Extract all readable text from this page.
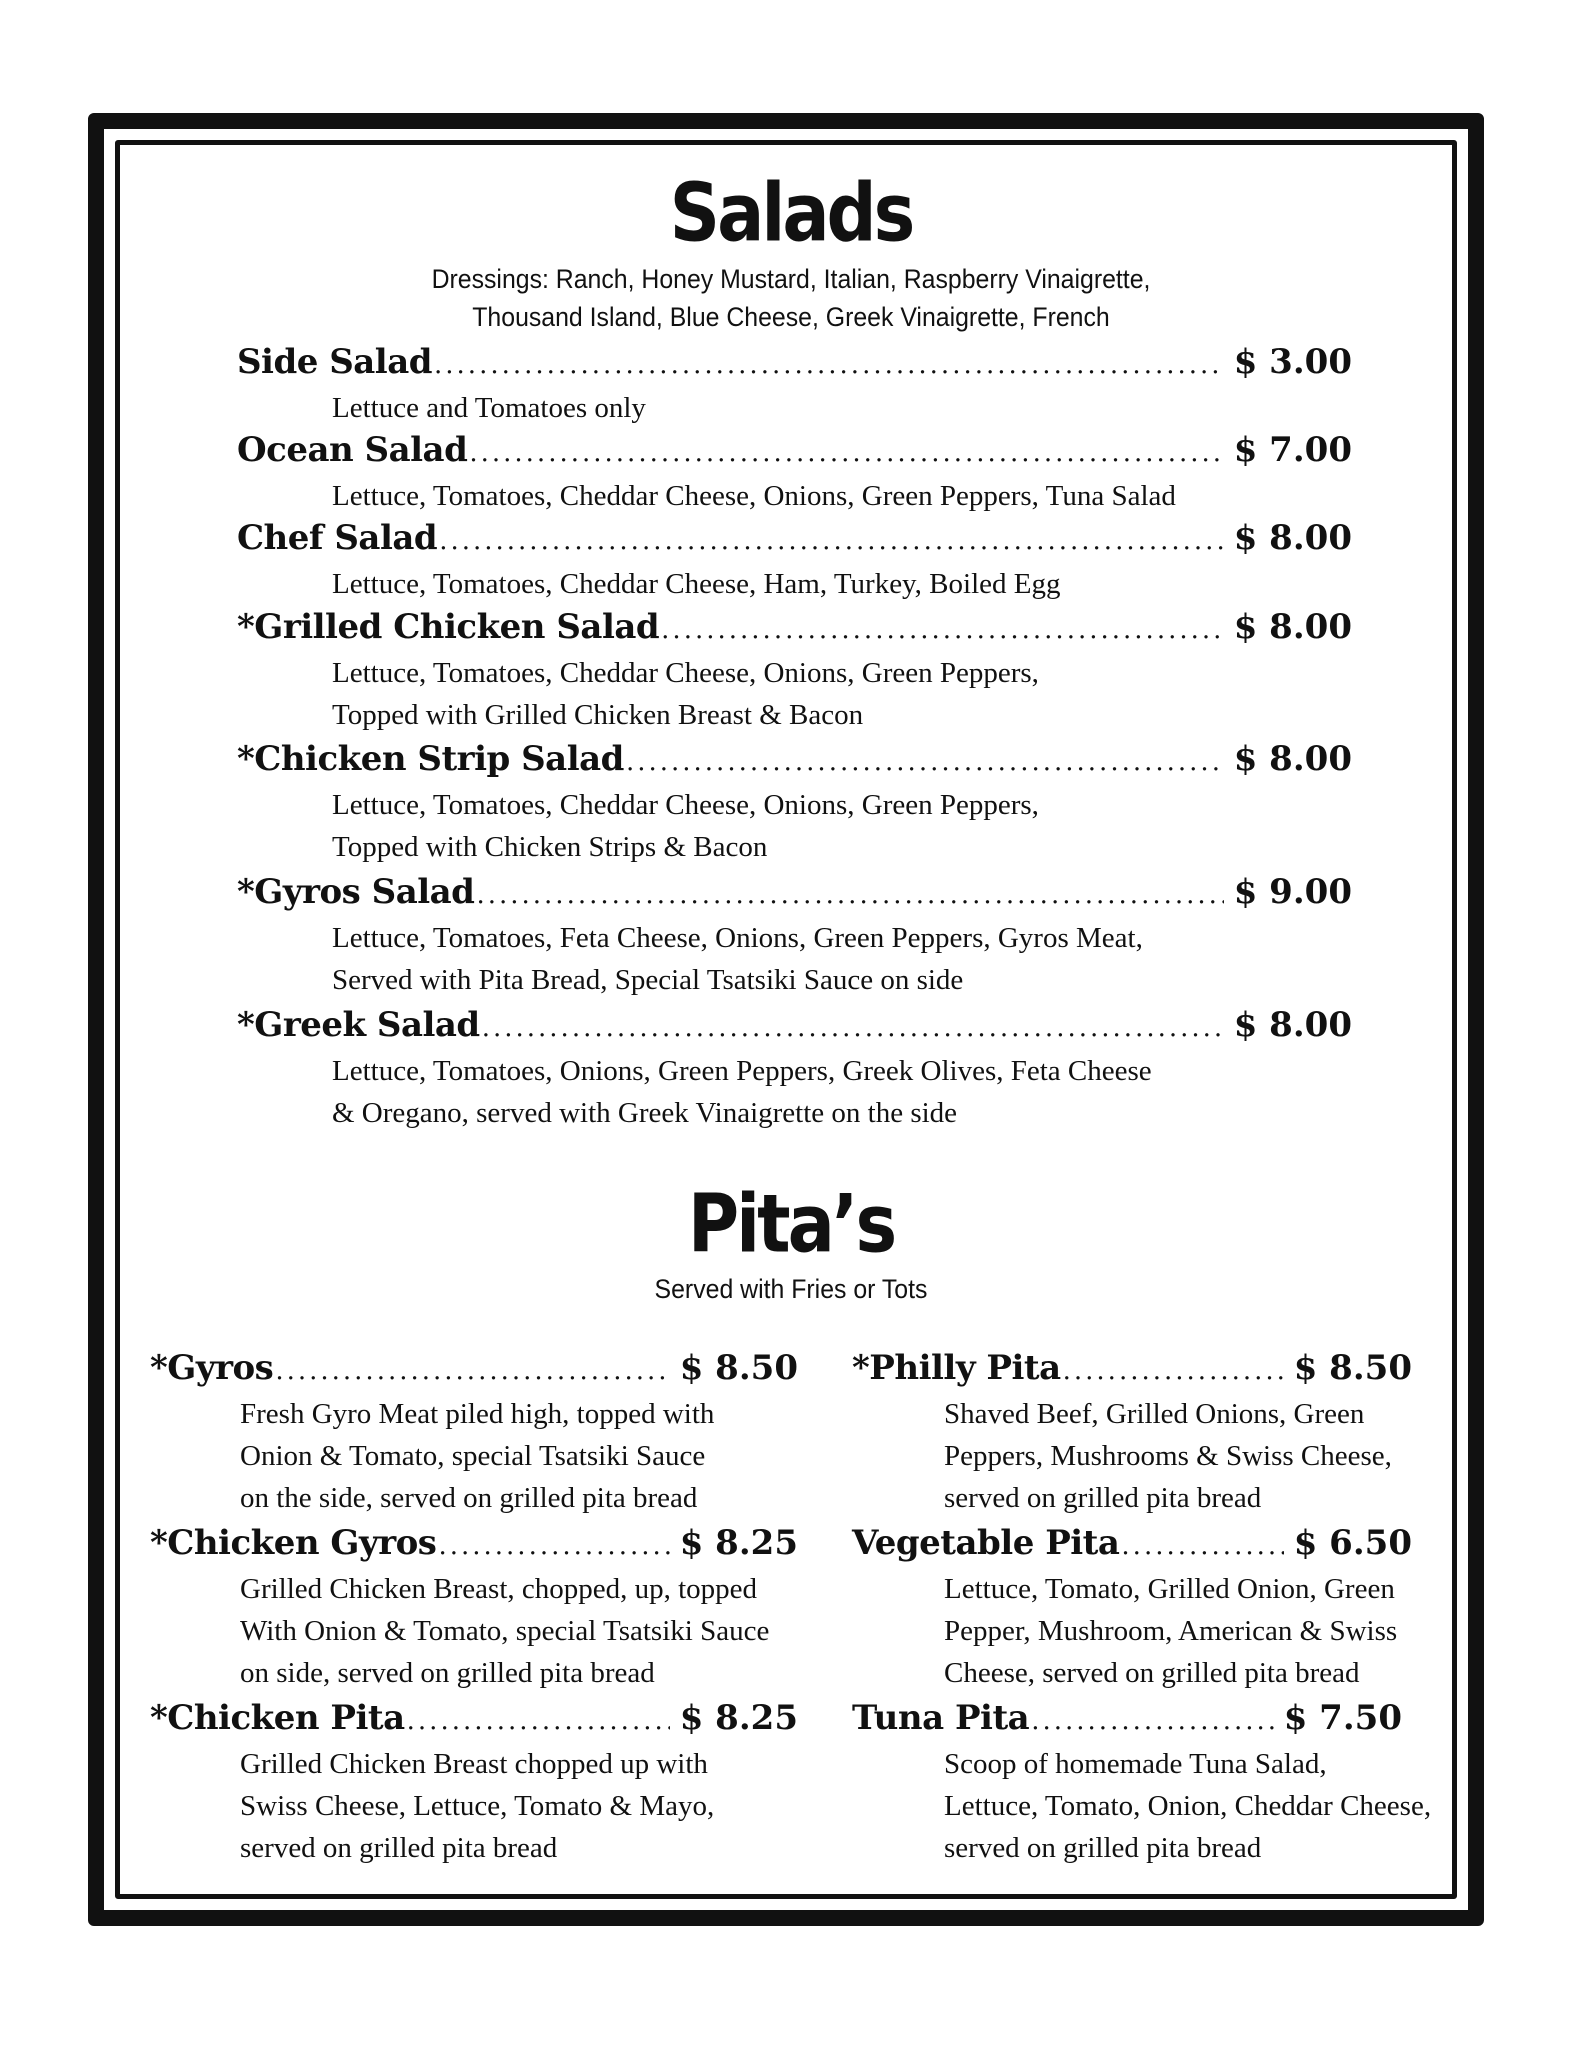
Salads
Dressings: Ranch, Honey Mustard, Italian, Raspberry Vinaigrette,
Thousand Island, Blue Cheese, Greek Vinaigrette, French
Side Salad .....	$ 3.00
Lettuce and Tomatoes only
Ocean Salad .....	$ 7.00
Lettuce, Tomatoes, Cheddar Cheese, Onions, Green Peppers, Tuna Salad
Chef Salad .....	$ 8.00
Lettuce, Tomatoes, Cheddar Cheese, Ham, Turkey, Boiled Egg
*Grilled Chicken Salad .....	$ 8.00
Lettuce, Tomatoes, Cheddar Cheese, Onions, Green Peppers,
Topped with Grilled Chicken Breast & Bacon
*Chicken Strip Salad .....	$ 8.00
Lettuce, Tomatoes, Cheddar Cheese, Onions, Green Peppers,
Topped with Chicken Strips & Bacon
*Gyros Salad .....	$ 9.00
Lettuce, Tomatoes, Feta Cheese, Onions, Green Peppers, Gyros Meat,
Served with Pita Bread, Special Tsatsiki Sauce on side
*Greek Salad .....	$ 8.00
Lettuce, Tomatoes, Onions, Green Peppers, Greek Olives, Feta Cheese
& Oregano, served with Greek Vinaigrette on the side
Pita’s
Served with Fries or Tots
*Gyros .....	$ 8.50
Fresh Gyro Meat piled high, topped with
Onion & Tomato, special Tsatsiki Sauce
on the side, served on grilled pita bread
*Chicken Gyros .....	$ 8.25
Grilled Chicken Breast, chopped, up, topped
With Onion & Tomato, special Tsatsiki Sauce
on side, served on grilled pita bread
*Chicken Pita .....	$ 8.25
Grilled Chicken Breast chopped up with
Swiss Cheese, Lettuce, Tomato & Mayo,
served on grilled pita bread
*Philly Pita .....	$ 8.50
Shaved Beef, Grilled Onions, Green
Peppers, Mushrooms & Swiss Cheese,
served on grilled pita bread
Vegetable Pita .....	$ 6.50
Lettuce, Tomato, Grilled Onion, Green
Pepper, Mushroom, American & Swiss
Cheese, served on grilled pita bread
Tuna Pita .....	$ 7.50
Scoop of homemade Tuna Salad,
Lettuce, Tomato, Onion, Cheddar Cheese,
served on grilled pita bread
